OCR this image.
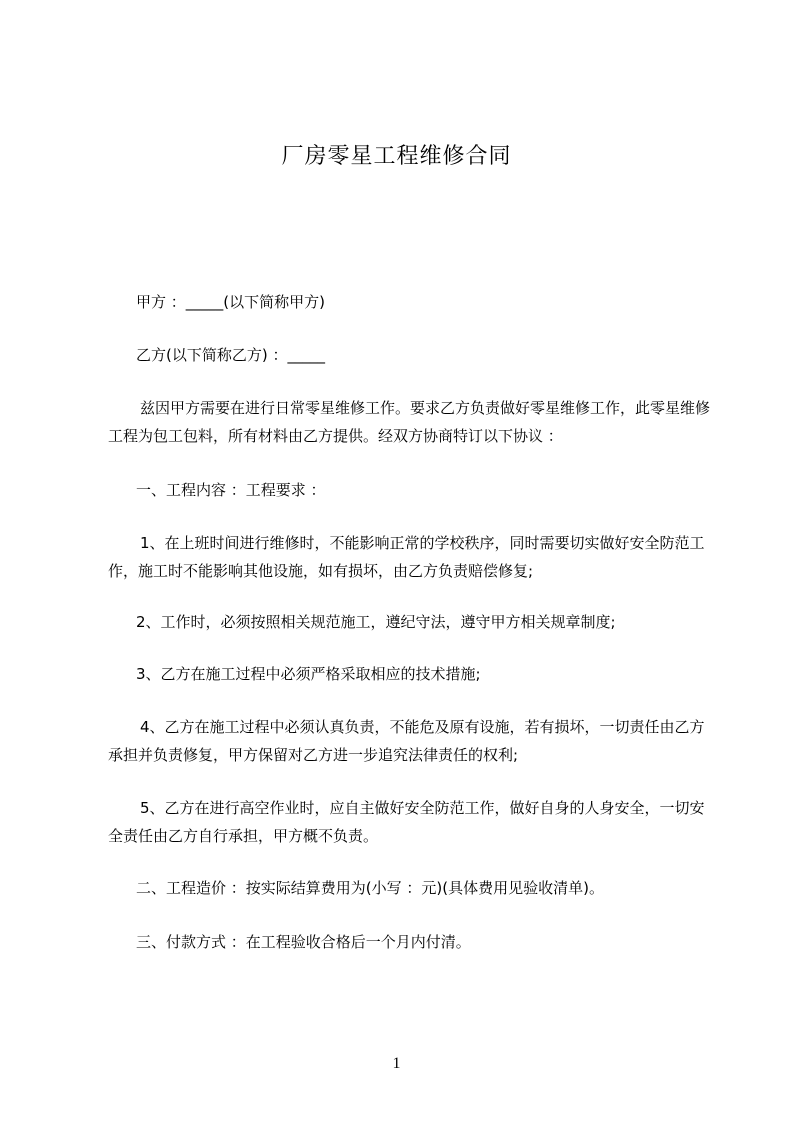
厂房零星工程维修合同

甲方 ：_____(以下简称甲方)

乙方(以下简称乙方) ：_____

兹因甲方需要在进行日常零星维修工作。要求乙方负责做好零星维修工作，此零星维修工程为包工包料，所有材料由乙方提供。经双方协商特订以下协议 ：

一、工程内容 ：工程要求 ：

1、在上班时间进行维修时，不能影响正常的学校秩序，同时需要切实做好安全防范工作，施工时不能影响其他设施，如有损坏，由乙方负责赔偿修复;

2、工作时，必须按照相关规范施工，遵纪守法，遵守甲方相关规章制度;

3、乙方在施工过程中必须严格采取相应的技术措施;

4、乙方在施工过程中必须认真负责，不能危及原有设施，若有损坏，一切责任由乙方承担并负责修复，甲方保留对乙方进一步追究法律责任的权利;

5、乙方在进行高空作业时，应自主做好安全防范工作，做好自身的人身安全，一切安全责任由乙方自行承担，甲方概不负责。

二、工程造价 ：按实际结算费用为(小写 ：元)(具体费用见验收清单)。

三、付款方式 ：在工程验收合格后一个月内付清。

1
